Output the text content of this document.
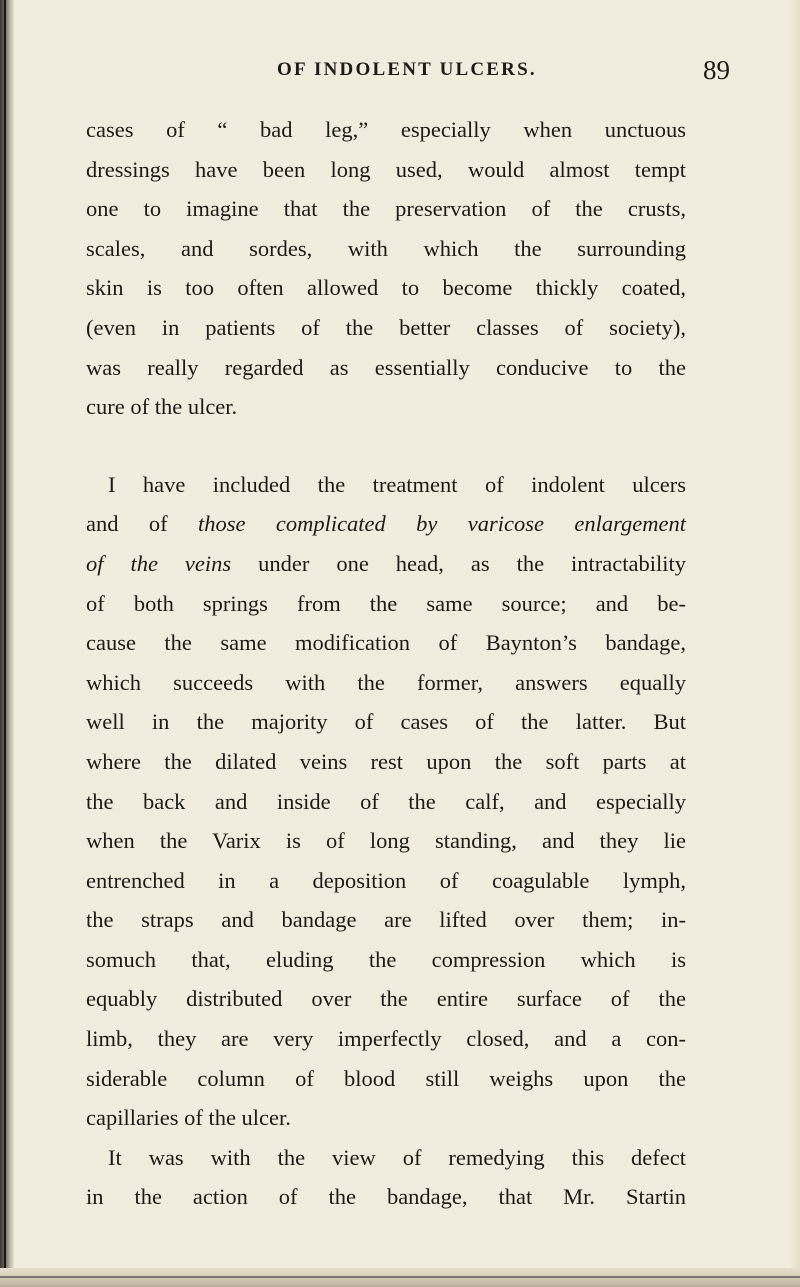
OF INDOLENT ULCERS.	89
cases of “ bad leg,” especially when unctuous
dressings have been long used, would almost tempt
one to imagine that the preservation of the crusts,
scales, and sordes, with which the surrounding
skin is too often allowed to become thickly coated,
(even in patients of the better classes of society),
was really regarded as essentially conducive to the
cure of the ulcer.
I have included the treatment of indolent ulcers
and of those complicated by varicose enlargement
of the veins under one head, as the intractability
of both springs from the same source; and be-
cause the same modification of Baynton’s bandage,
which succeeds with the former, answers equally
well in the majority of cases of the latter. But
where the dilated veins rest upon the soft parts at
the back and inside of the calf, and especially
when the Varix is of long standing, and they lie
entrenched in a deposition of coagulable lymph,
the straps and bandage are lifted over them; in-
somuch that, eluding the compression which is
equably distributed over the entire surface of the
limb, they are very imperfectly closed, and a con-
siderable column of blood still weighs upon the
capillaries of the ulcer.
It was with the view of remedying this defect
in the action of the bandage, that Mr. Startin
